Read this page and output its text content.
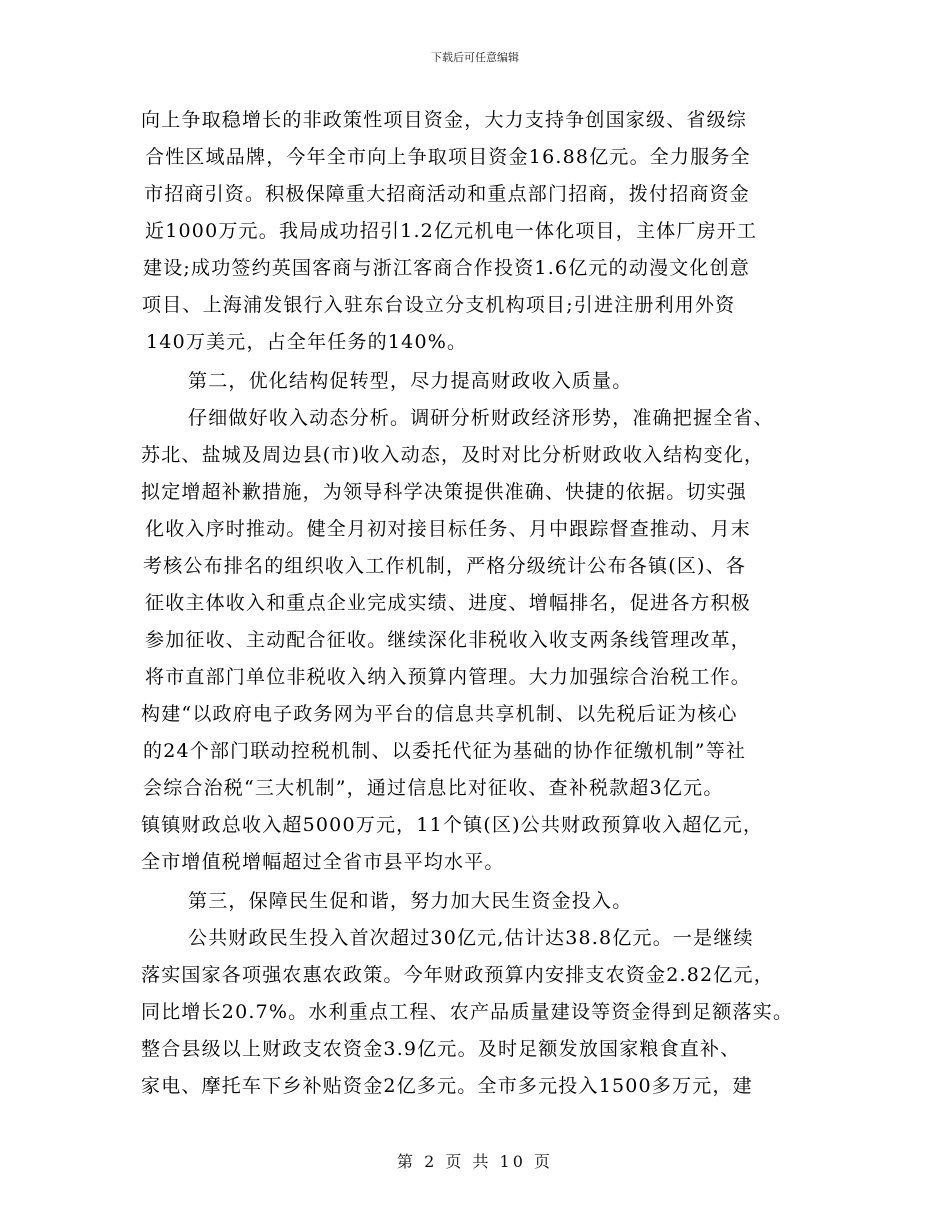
下载后可任意编辑
向上争取稳增长的非政策性项目资金，大力支持争创国家级、省级综
合性区域品牌，今年全市向上争取项目资金16.88亿元。全力服务全
市招商引资。积极保障重大招商活动和重点部门招商，拨付招商资金
近1000万元。我局成功招引1.2亿元机电一体化项目，主体厂房开工
建设;成功签约英国客商与浙江客商合作投资1.6亿元的动漫文化创意
项目、上海浦发银行入驻东台设立分支机构项目;引进注册利用外资
140万美元，占全年任务的140%。
第二，优化结构促转型，尽力提高财政收入质量。
仔细做好收入动态分析。调研分析财政经济形势，准确把握全省、
苏北、盐城及周边县(市)收入动态，及时对比分析财政收入结构变化，
拟定增超补歉措施，为领导科学决策提供准确、快捷的依据。切实强
化收入序时推动。健全月初对接目标任务、月中跟踪督查推动、月末
考核公布排名的组织收入工作机制，严格分级统计公布各镇(区)、各
征收主体收入和重点企业完成实绩、进度、增幅排名，促进各方积极
参加征收、主动配合征收。继续深化非税收入收支两条线管理改革，
将市直部门单位非税收入纳入预算内管理。大力加强综合治税工作。
构建“以政府电子政务网为平台的信息共享机制、以先税后证为核心
的24个部门联动控税机制、以委托代征为基础的协作征缴机制”等社
会综合治税“三大机制”，通过信息比对征收、查补税款超3亿元。
镇镇财政总收入超5000万元，11个镇(区)公共财政预算收入超亿元，
全市增值税增幅超过全省市县平均水平。
第三，保障民生促和谐，努力加大民生资金投入。
公共财政民生投入首次超过30亿元,估计达38.8亿元。一是继续
落实国家各项强农惠农政策。今年财政预算内安排支农资金2.82亿元，
同比增长20.7%。水利重点工程、农产品质量建设等资金得到足额落实。
整合县级以上财政支农资金3.9亿元。及时足额发放国家粮食直补、
家电、摩托车下乡补贴资金2亿多元。全市多元投入1500多万元，建
第 2 页 共 10 页
